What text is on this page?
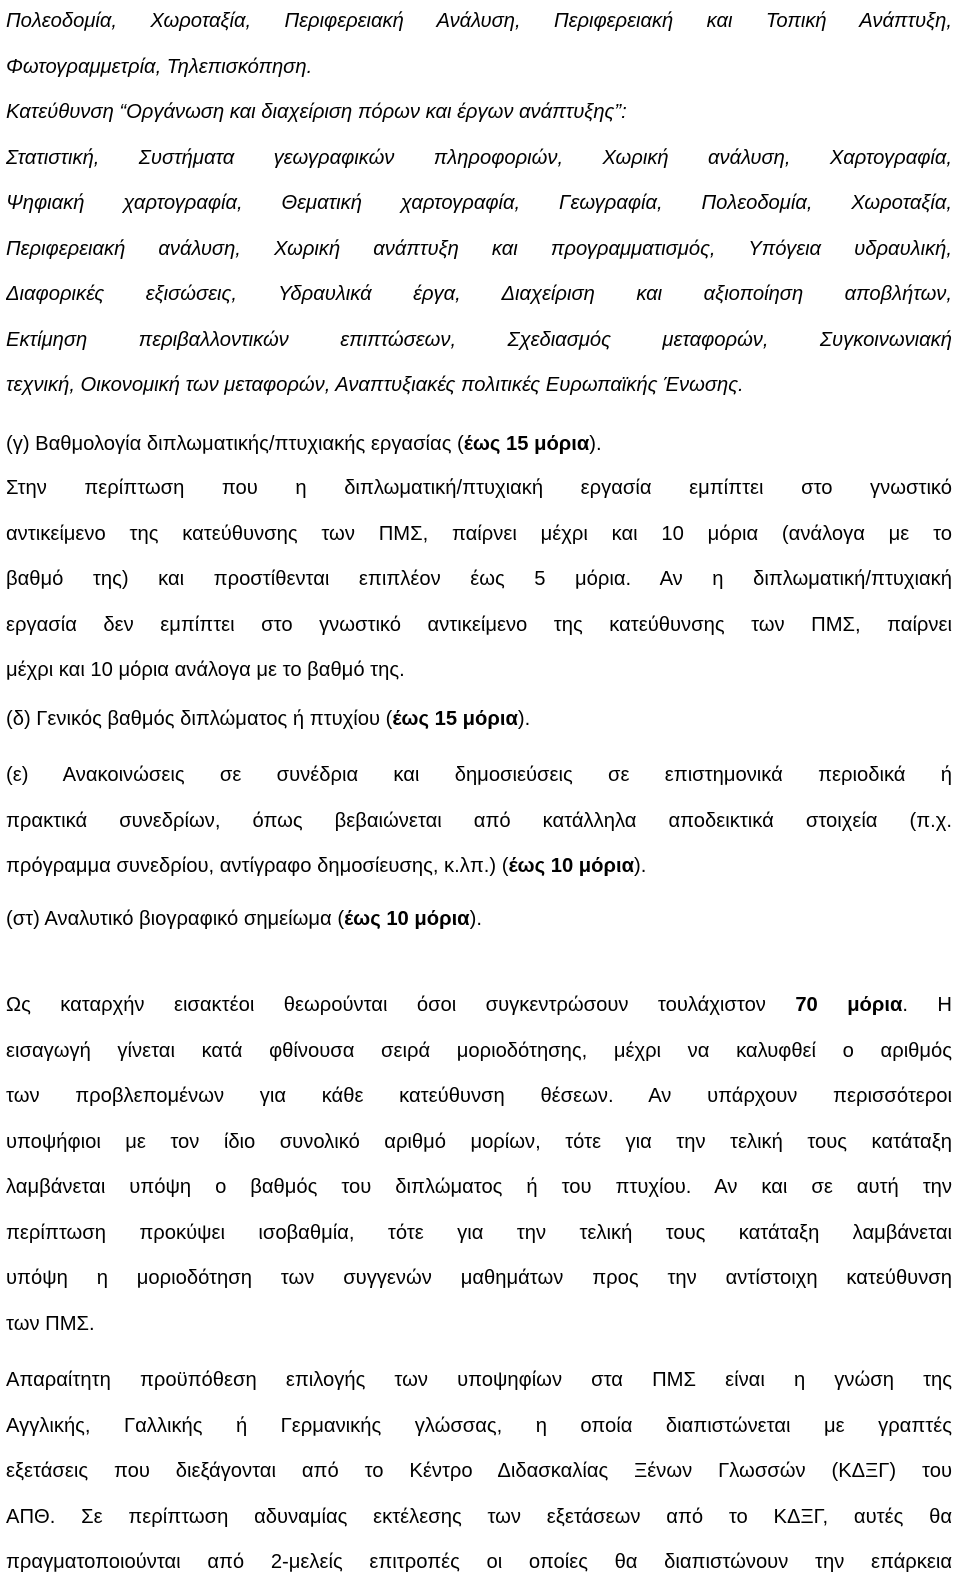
Πολεοδομία, Χωροταξία, Περιφερειακή Ανάλυση, Περιφερειακή και Τοπική Ανάπτυξη,
Φωτογραμμετρία, Τηλεπισκόπηση.
Κατεύθυνση “Οργάνωση και διαχείριση πόρων και έργων ανάπτυξης”:
Στατιστική, Συστήματα γεωγραφικών πληροφοριών, Χωρική ανάλυση, Χαρτογραφία,
Ψηφιακή χαρτογραφία, Θεματική χαρτογραφία, Γεωγραφία, Πολεοδομία, Χωροταξία,
Περιφερειακή ανάλυση, Χωρική ανάπτυξη και προγραμματισμός, Υπόγεια υδραυλική,
Διαφορικές εξισώσεις, Υδραυλικά έργα, Διαχείριση και αξιοποίηση αποβλήτων,
Εκτίμηση περιβαλλοντικών επιπτώσεων, Σχεδιασμός μεταφορών, Συγκοινωνιακή
τεχνική, Οικονομική των μεταφορών, Αναπτυξιακές πολιτικές Ευρωπαϊκής Ένωσης.
(γ) Βαθμολογία διπλωματικής/πτυχιακής εργασίας (έως 15 μόρια).
Στην περίπτωση που η διπλωματική/πτυχιακή εργασία εμπίπτει στο γνωστικό
αντικείμενο της κατεύθυνσης των ΠΜΣ, παίρνει μέχρι και 10 μόρια (ανάλογα με το
βαθμό της) και προστίθενται επιπλέον έως 5 μόρια. Αν η διπλωματική/πτυχιακή
εργασία δεν εμπίπτει στο γνωστικό αντικείμενο της κατεύθυνσης των ΠΜΣ, παίρνει
μέχρι και 10 μόρια ανάλογα με το βαθμό της.
(δ) Γενικός βαθμός διπλώματος ή πτυχίου (έως 15 μόρια).
(ε) Ανακοινώσεις σε συνέδρια και δημοσιεύσεις σε επιστημονικά περιοδικά ή
πρακτικά συνεδρίων, όπως βεβαιώνεται από κατάλληλα αποδεικτικά στοιχεία (π.χ.
πρόγραμμα συνεδρίου, αντίγραφο δημοσίευσης, κ.λπ.) (έως 10 μόρια).
(στ) Αναλυτικό βιογραφικό σημείωμα (έως 10 μόρια).
Ως καταρχήν εισακτέοι θεωρούνται όσοι συγκεντρώσουν τουλάχιστον 70 μόρια. Η
εισαγωγή γίνεται κατά φθίνουσα σειρά μοριοδότησης, μέχρι να καλυφθεί ο αριθμός
των προβλεπομένων για κάθε κατεύθυνση θέσεων. Αν υπάρχουν περισσότεροι
υποψήφιοι με τον ίδιο συνολικό αριθμό μορίων, τότε για την τελική τους κατάταξη
λαμβάνεται υπόψη ο βαθμός του διπλώματος ή του πτυχίου. Αν και σε αυτή την
περίπτωση προκύψει ισοβαθμία, τότε για την τελική τους κατάταξη λαμβάνεται
υπόψη η μοριοδότηση των συγγενών μαθημάτων προς την αντίστοιχη κατεύθυνση
των ΠΜΣ.
Απαραίτητη προϋπόθεση επιλογής των υποψηφίων στα ΠΜΣ είναι η γνώση της
Αγγλικής, Γαλλικής ή Γερμανικής γλώσσας, η οποία διαπιστώνεται με γραπτές
εξετάσεις που διεξάγονται από το Κέντρο Διδασκαλίας Ξένων Γλωσσών (ΚΔΞΓ) του
ΑΠΘ. Σε περίπτωση αδυναμίας εκτέλεσης των εξετάσεων από το ΚΔΞΓ, αυτές θα
πραγματοποιούνται από 2-μελείς επιτροπές οι οποίες θα διαπιστώνουν την επάρκεια
